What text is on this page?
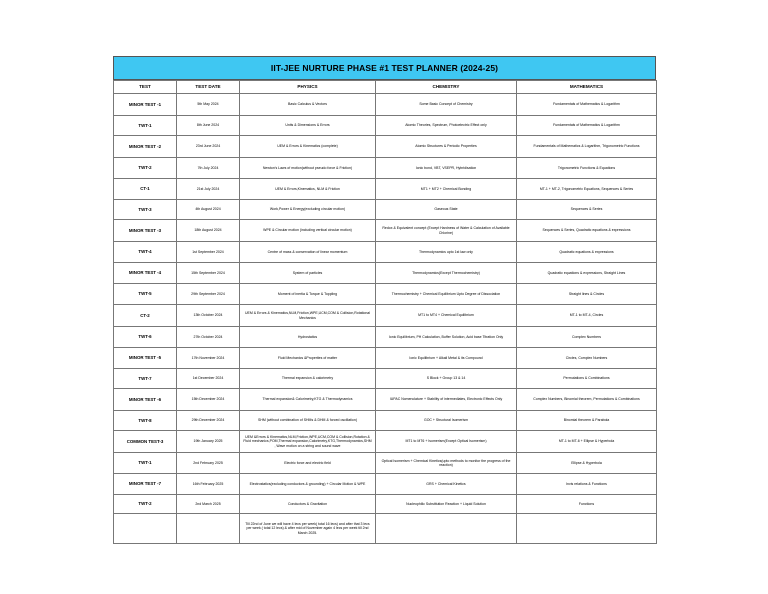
IIT-JEE NURTURE PHASE #1 TEST PLANNER (2024-25)
TEST	TEST DATE	PHYSICS	CHEMISTRY	MATHEMATICS
MINOR TEST -1	5th May 2024	Basic Calculus & Vectors	Some Basic Concept of Chemistry	Fundamentals of Mathematics & Logarithm
TWT-1	8th June 2024	Units & Dimensions & Errors	Atomic Theories, Spectrum, Photoelectric Effect only	Fundamentals of Mathematics & Logarithm
MINOR TEST -2	23rd June 2024	UEM & Errors & Kinematics (complete)	Atomic Structures & Periodic Properties	Fundamentals of Mathematics & Logarithm, Trigonometric Functions
TWT-2	7th July 2024	Newton's Laws of motion(without pseudo force & Friction)	Ionic bond, VBT, VSEPR, Hybridisation	Trigonometric Functions & Equations
CT-1	21st July 2024	UEM & Errors,Kinematics, NLM & Friction	MT1 + MT2 + Chemical Bonding	MT-1 + MT-2, Trigonometric Equations, Sequences & Series
TWT-3	4th August 2024	Work,Power & Energy(excluding circular motion)	Gaseous State	Sequences & Series
MINOR TEST -3	18th August 2024	WPE & Circular motion (including vertical circular motion)	Redox & Equivalent concept (Except Hardness of Water & Calculation of Available Chlorine)	Sequences & Series, Quadratic equations & expressions
TWT-4	1st September 2024	Centre of mass & conservation of linear momentum	Thermodynamics upto 1st law only	Quadratic equations & expressions
MINOR TEST -4	15th September 2024	System of particles	Thermodynamics(Except Thermochemistry)	Quadratic equations & expressions, Straight Lines
TWT-5	29th September 2024	Moment of inertia & Torque & Toppling	Thermochemistry + Chemical Equilibrium Upto Degree of Dissociation	Straight lines & Circles
CT-2	13th October 2024	UEM & Errors & Kinematics,NLM,Friction,WPE,UCM,COM & Collision,Rotational Mechanics	MT1 to MT4 + Chemical Equilibrium	MT-1 to MT-4, Circles
TWT-6	27th October 2024	Hydrostatics	Ionic Equilibrium, PH Calculation, Buffer Solution, Acid base Titration Only	Complex Numbers
MINOR TEST -5	17th November 2024	Fluid Mechanics &Properties of matter	Ionic Equilibrium + Alkali Metal & its Compound	Circles, Complex Numbers
TWT-7	1st December 2024	Thermal expansion & calorimetry	S Block + Group 13 & 14	Permutations & Combinations
MINOR TEST -6	15th December 2024	Thermal expansion& Calorimetry,KTG & Thermodynamics	IUPAC Nomenclature + Stability of intermediates, Electronic Effects Only	Complex Numbers, Binomial theorem, Permutations & Combinations
TWT-8	29th December 2024	SHM (without combination of SHMs & DHM & forced oscillation)	GOC + Structural Isomerism	Binomial theorem & Parabola
COMMON TEST-3	19th January 2025	UEM &Errors & Kinematics,NLM,Friction,WPE,UCM,COM & Collision,Rotation & Fluid mechanics,POM,Thermal expansion,Calorimetry,KTG,Thermodynamics,SHM , Wave motion on a string and sound wave	MT1 to MT6 + Isomerism(Except Optical Isomerism)	MT-1 to MT-6 + Ellipse & Hyperbola
TWT-1	2nd February 2025	Electric force and electric field	Optical Isomerism + Chemical Kinetics(upto methods to monitor the progress of the reaction)	Ellipse & Hyperbola
MINOR TEST -7	16th February 2025	Electrostatics(excluding conductors & grounding) + Circular Motion & WPE	GRS + Chemical Kinetics	Invis relations & Functions
TWT-2	2nd March 2025	Conductors & Gravitation	Nucleophilic Substitution Reaction + Liquid Solution	Functions
		Till 22nd of June we will have 4 lecs per week( total 16 lecs) and after that 3 lecs per week ( total 12 lecs) & after mid of November again 4 lecs per week till 2nd March 2025.		
